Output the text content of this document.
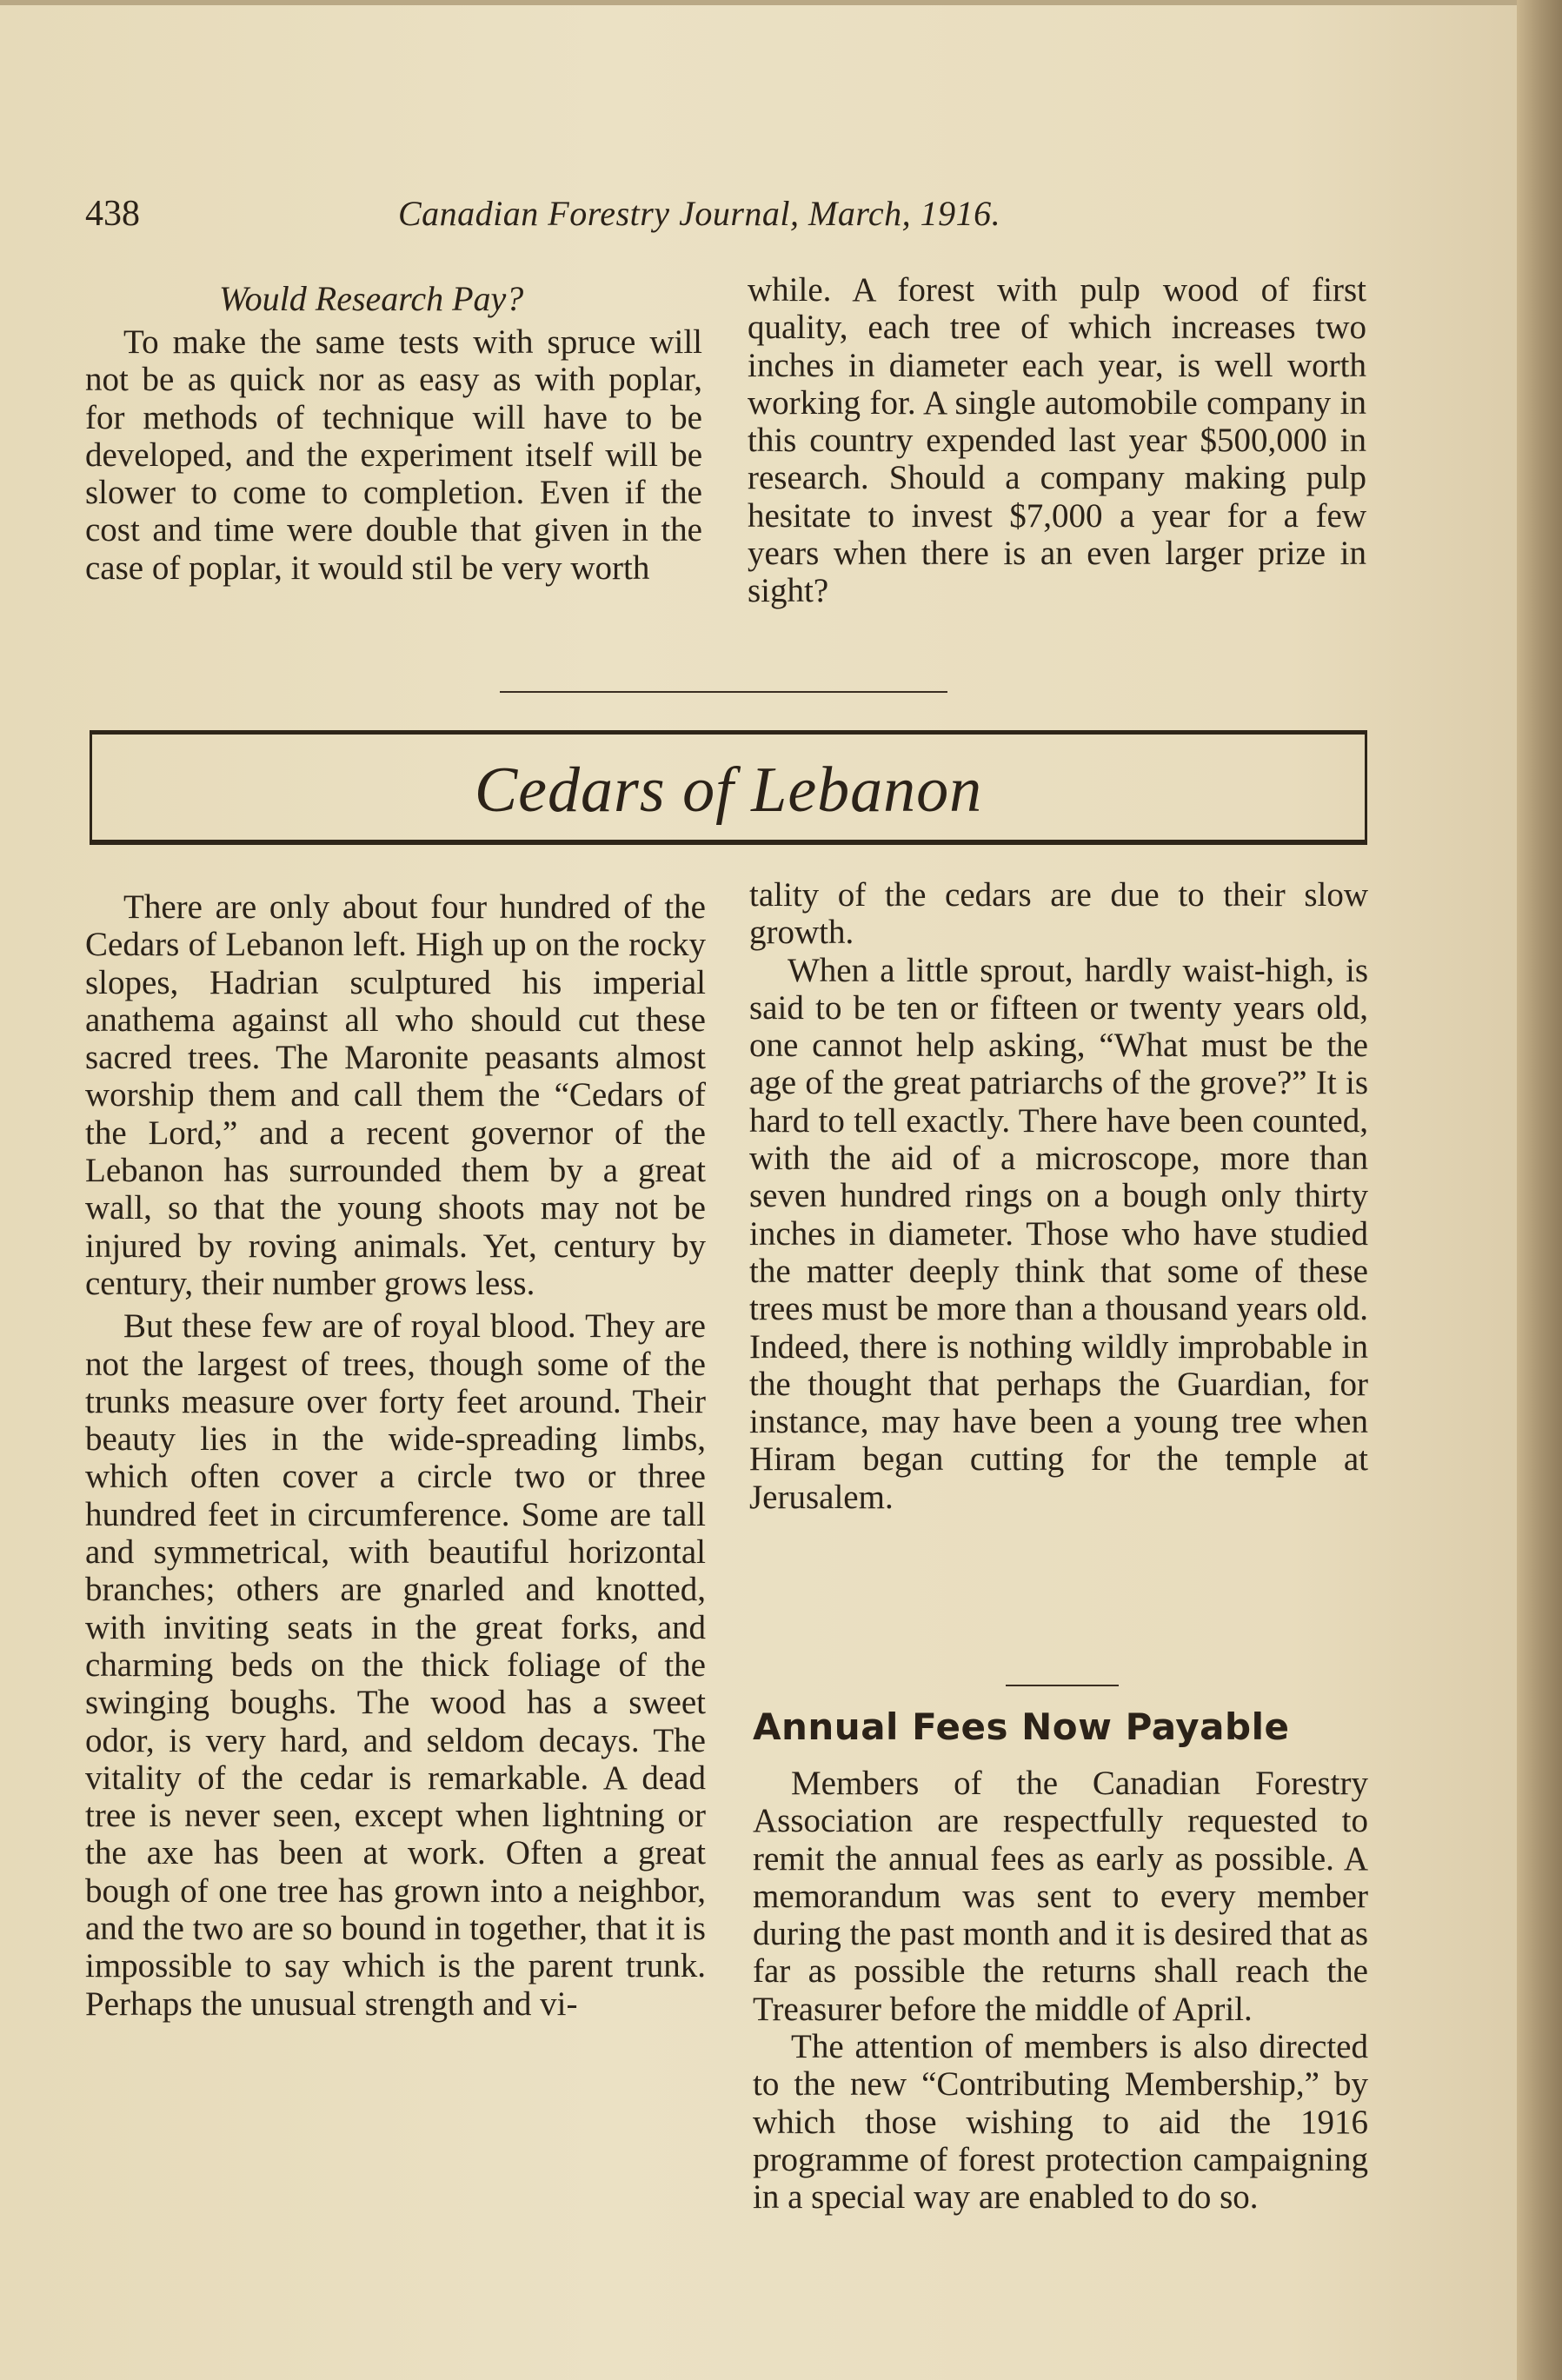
438	Canadian Forestry Journal, March, 1916.
Would Research Pay?

To make the same tests with spruce will not be as quick nor as easy as with poplar, for methods of technique will have to be developed, and the experiment itself will be slower to come to completion. Even if the cost and time were double that given in the case of poplar, it would stil be very worth

while. A forest with pulp wood of first quality, each tree of which increases two inches in diameter each year, is well worth working for. A single automobile company in this country expended last year $500,000 in research. Should a company making pulp hesitate to invest $7,000 a year for a few years when there is an even larger prize in sight?

Cedars of Lebanon

There are only about four hundred of the Cedars of Lebanon left. High up on the rocky slopes, Hadrian sculptured his imperial anathema against all who should cut these sacred trees. The Maronite peasants almost worship them and call them the “Cedars of the Lord,” and a recent governor of the Lebanon has surrounded them by a great wall, so that the young shoots may not be injured by roving animals. Yet, century by century, their number grows less.

But these few are of royal blood. They are not the largest of trees, though some of the trunks measure over forty feet around. Their beauty lies in the wide-spreading limbs, which often cover a circle two or three hundred feet in circumference. Some are tall and symmetrical, with beautiful horizontal branches; others are gnarled and knotted, with inviting seats in the great forks, and charming beds on the thick foliage of the swinging boughs. The wood has a sweet odor, is very hard, and seldom decays. The vitality of the cedar is remarkable. A dead tree is never seen, except when lightning or the axe has been at work. Often a great bough of one tree has grown into a neighbor, and the two are so bound in together, that it is impossible to say which is the parent trunk. Perhaps the unusual strength and vi-

tality of the cedars are due to their slow growth.

When a little sprout, hardly waist-high, is said to be ten or fifteen or twenty years old, one cannot help asking, “What must be the age of the great patriarchs of the grove?” It is hard to tell exactly. There have been counted, with the aid of a microscope, more than seven hundred rings on a bough only thirty inches in diameter. Those who have studied the matter deeply think that some of these trees must be more than a thousand years old. Indeed, there is nothing wildly improbable in the thought that perhaps the Guardian, for instance, may have been a young tree when Hiram began cutting for the temple at Jerusalem.

Annual Fees Now Payable

Members of the Canadian Forestry Association are respectfully requested to remit the annual fees as early as possible. A memorandum was sent to every member during the past month and it is desired that as far as possible the returns shall reach the Treasurer before the middle of April.

The attention of members is also directed to the new “Contributing Membership,” by which those wishing to aid the 1916 programme of forest protection campaigning in a special way are enabled to do so.
